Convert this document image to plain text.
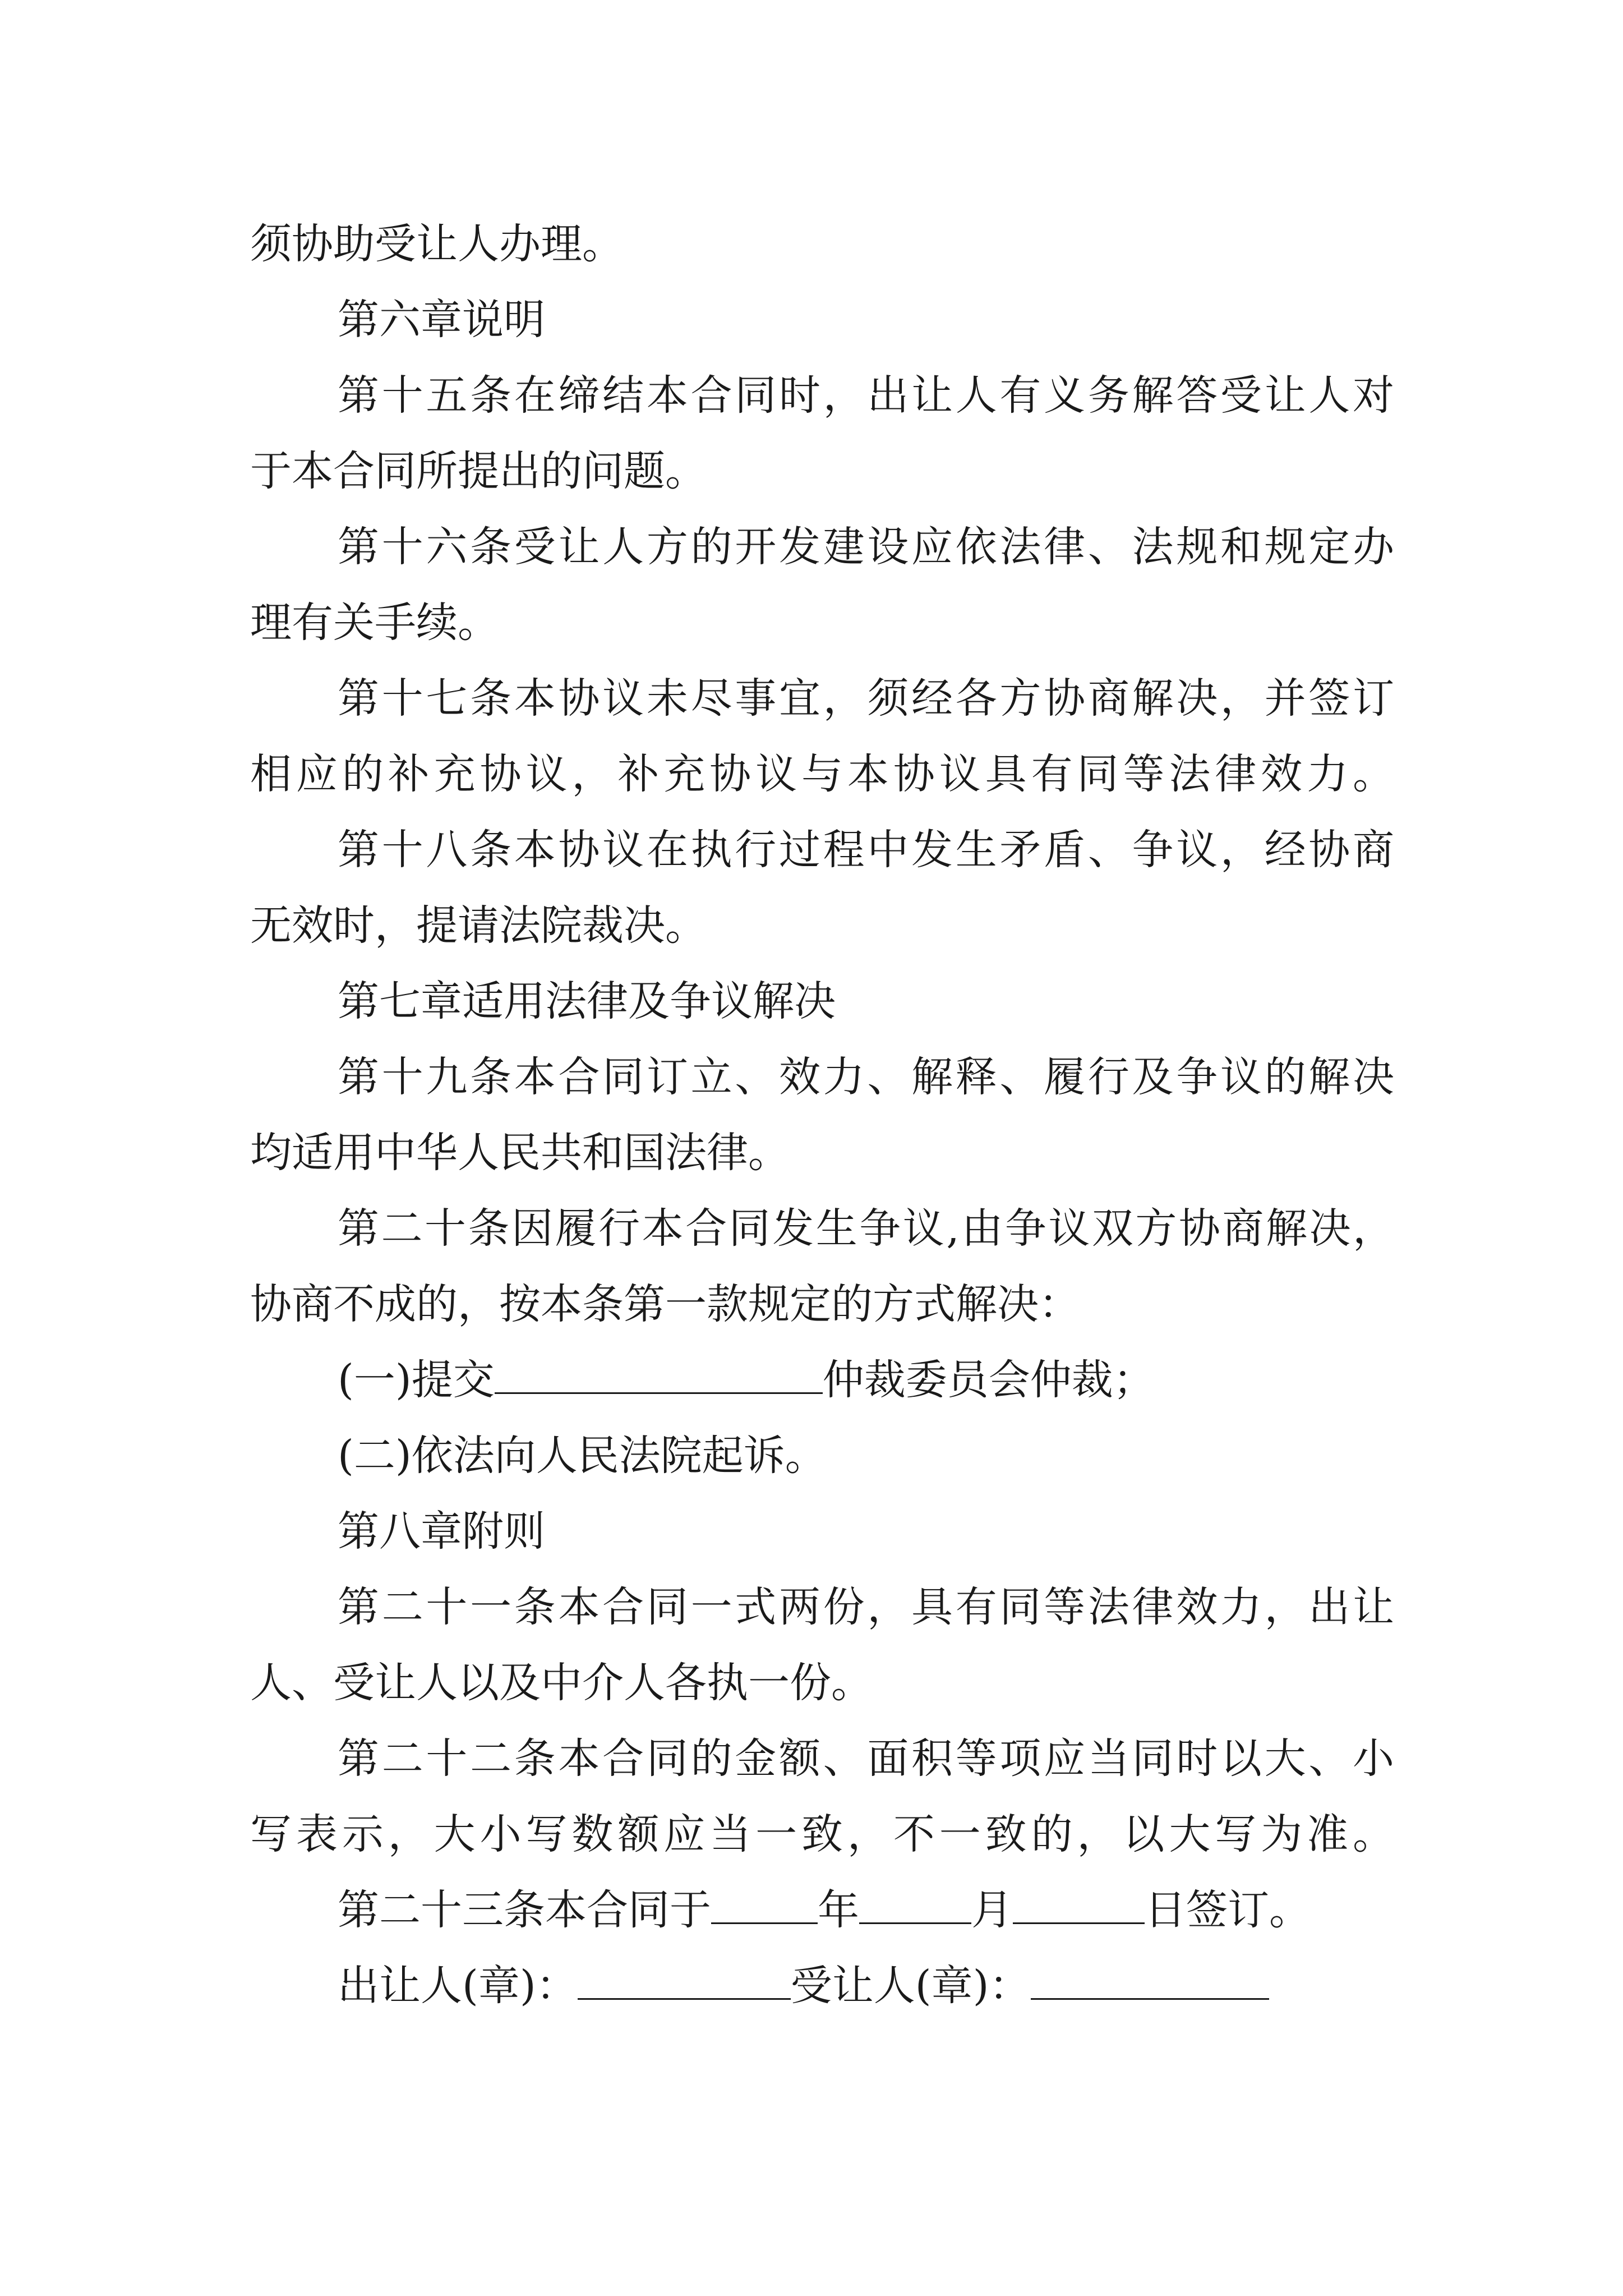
须协助受让人办理。
第六章说明
第十五条在缔结本合同时，出让人有义务解答受让人对
于本合同所提出的问题。
第十六条受让人方的开发建设应依法律、法规和规定办
理有关手续。
第十七条本协议未尽事宜，须经各方协商解决，并签订
相应的补充协议，补充协议与本协议具有同等法律效力。
第十八条本协议在执行过程中发生矛盾、争议，经协商
无效时，提请法院裁决。
第七章适用法律及争议解决
第十九条本合同订立、效力、解释、履行及争议的解决
均适用中华人民共和国法律。
第二十条因履行本合同发生争议,由争议双方协商解决，
协商不成的，按本条第一款规定的方式解决：
(一)提交	仲裁委员会仲裁；
(二)依法向人民法院起诉。
第八章附则
第二十一条本合同一式两份，具有同等法律效力，出让
人、受让人以及中介人各执一份。
第二十二条本合同的金额、面积等项应当同时以大、小
写表示，大小写数额应当一致，不一致的，以大写为准。
第二十三条本合同于	年	月	日签订。
出让人(章)：	受让人(章)：
